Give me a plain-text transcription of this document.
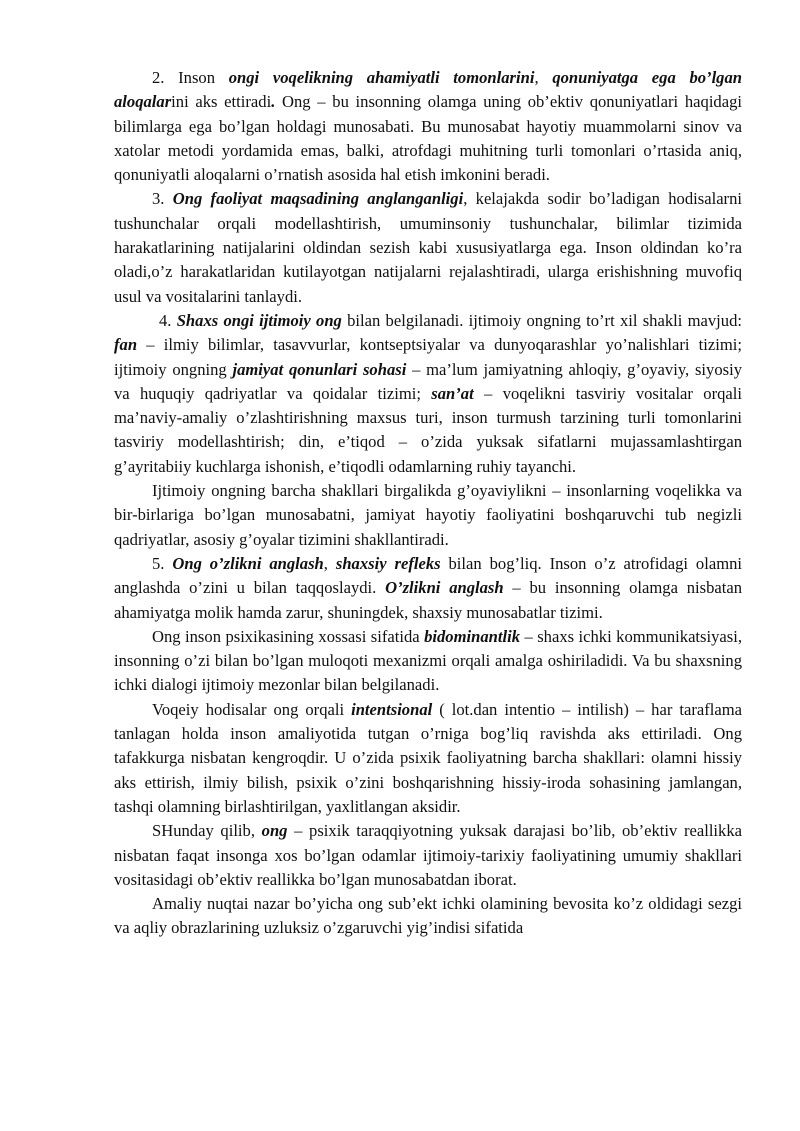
2. Inson ongi voqelikning ahamiyatli tomonlarini, qonuniyatga ega bo’lgan aloqalarini aks ettiradi. Ong – bu insonning olamga uning ob’ektiv qonuniyatlari haqidagi bilimlarga ega bo’lgan holdagi munosabati. Bu munosabat hayotiy muammolarni sinov va xatolar metodi yordamida emas, balki, atrofdagi muhitning turli tomonlari o’rtasida aniq, qonuniyatli aloqalarni o’rnatish asosida hal etish imkonini beradi.

3. Ong faoliyat maqsadining anglanganligi, kelajakda sodir bo’ladigan hodisalarni tushunchalar orqali modellashtirish, umuminsoniy tushunchalar, bilimlar tizimida harakatlarining natijalarini oldindan sezish kabi xususiyatlarga ega. Inson oldindan ko’ra oladi,o’z harakatlaridan kutilayotgan natijalarni rejalashtiradi, ularga erishishning muvofiq usul va vositalarini tanlaydi.

4. Shaxs ongi ijtimoiy ong bilan belgilanadi. ijtimoiy ongning to’rt xil shakli mavjud: fan – ilmiy bilimlar, tasavvurlar, kontseptsiyalar va dunyoqarashlar yo’nalishlari tizimi; ijtimoiy ongning jamiyat qonunlari sohasi – ma’lum jamiyatning ahloqiy, g’oyaviy, siyosiy va huquqiy qadriyatlar va qoidalar tizimi; san’at – voqelikni tasviriy vositalar orqali ma’naviy-amaliy o’zlashtirishning maxsus turi, inson turmush tarzining turli tomonlarini tasviriy modellashtirish; din, e’tiqod – o’zida yuksak sifatlarni mujassamlashtirgan g’ayritabiiy kuchlarga ishonish, e’tiqodli odamlarning ruhiy tayanchi.

Ijtimoiy ongning barcha shakllari birgalikda g’oyaviylikni – insonlarning voqelikka va bir-birlariga bo’lgan munosabatni, jamiyat hayotiy faoliyatini boshqaruvchi tub negizli qadriyatlar, asosiy g’oyalar tizimini shakllantiradi.

5. Ong o’zlikni anglash, shaxsiy refleks bilan bog’liq. Inson o’z atrofidagi olamni anglashda o’zini u bilan taqqoslaydi. O’zlikni anglash – bu insonning olamga nisbatan ahamiyatga molik hamda zarur, shuningdek, shaxsiy munosabatlar tizimi.

Ong inson psixikasining xossasi sifatida bidominantlik – shaxs ichki kommunikatsiyasi, insonning o’zi bilan bo’lgan muloqoti mexanizmi orqali amalga oshiriladidi. Va bu shaxsning ichki dialogi ijtimoiy mezonlar bilan belgilanadi.

Voqeiy hodisalar ong orqali intentsional ( lot.dan intentio – intilish) – har taraflama tanlagan holda inson amaliyotida tutgan o’rniga bog’liq ravishda aks ettiriladi. Ong tafakkurga nisbatan kengroqdir. U o’zida psixik faoliyatning barcha shakllari: olamni hissiy aks ettirish, ilmiy bilish, psixik o’zini boshqarishning hissiy-iroda sohasining jamlangan, tashqi olamning birlashtirilgan, yaxlitlangan aksidir.

SHunday qilib, ong – psixik taraqqiyotning yuksak darajasi bo’lib, ob’ektiv reallikka nisbatan faqat insonga xos bo’lgan odamlar ijtimoiy-tarixiy faoliyatining umumiy shakllari vositasidagi ob’ektiv reallikka bo’lgan munosabatdan iborat.

Amaliy nuqtai nazar bo’yicha ong sub’ekt ichki olamining bevosita ko’z oldidagi sezgi va aqliy obrazlarining uzluksiz o’zgaruvchi yig’indisi sifatida
